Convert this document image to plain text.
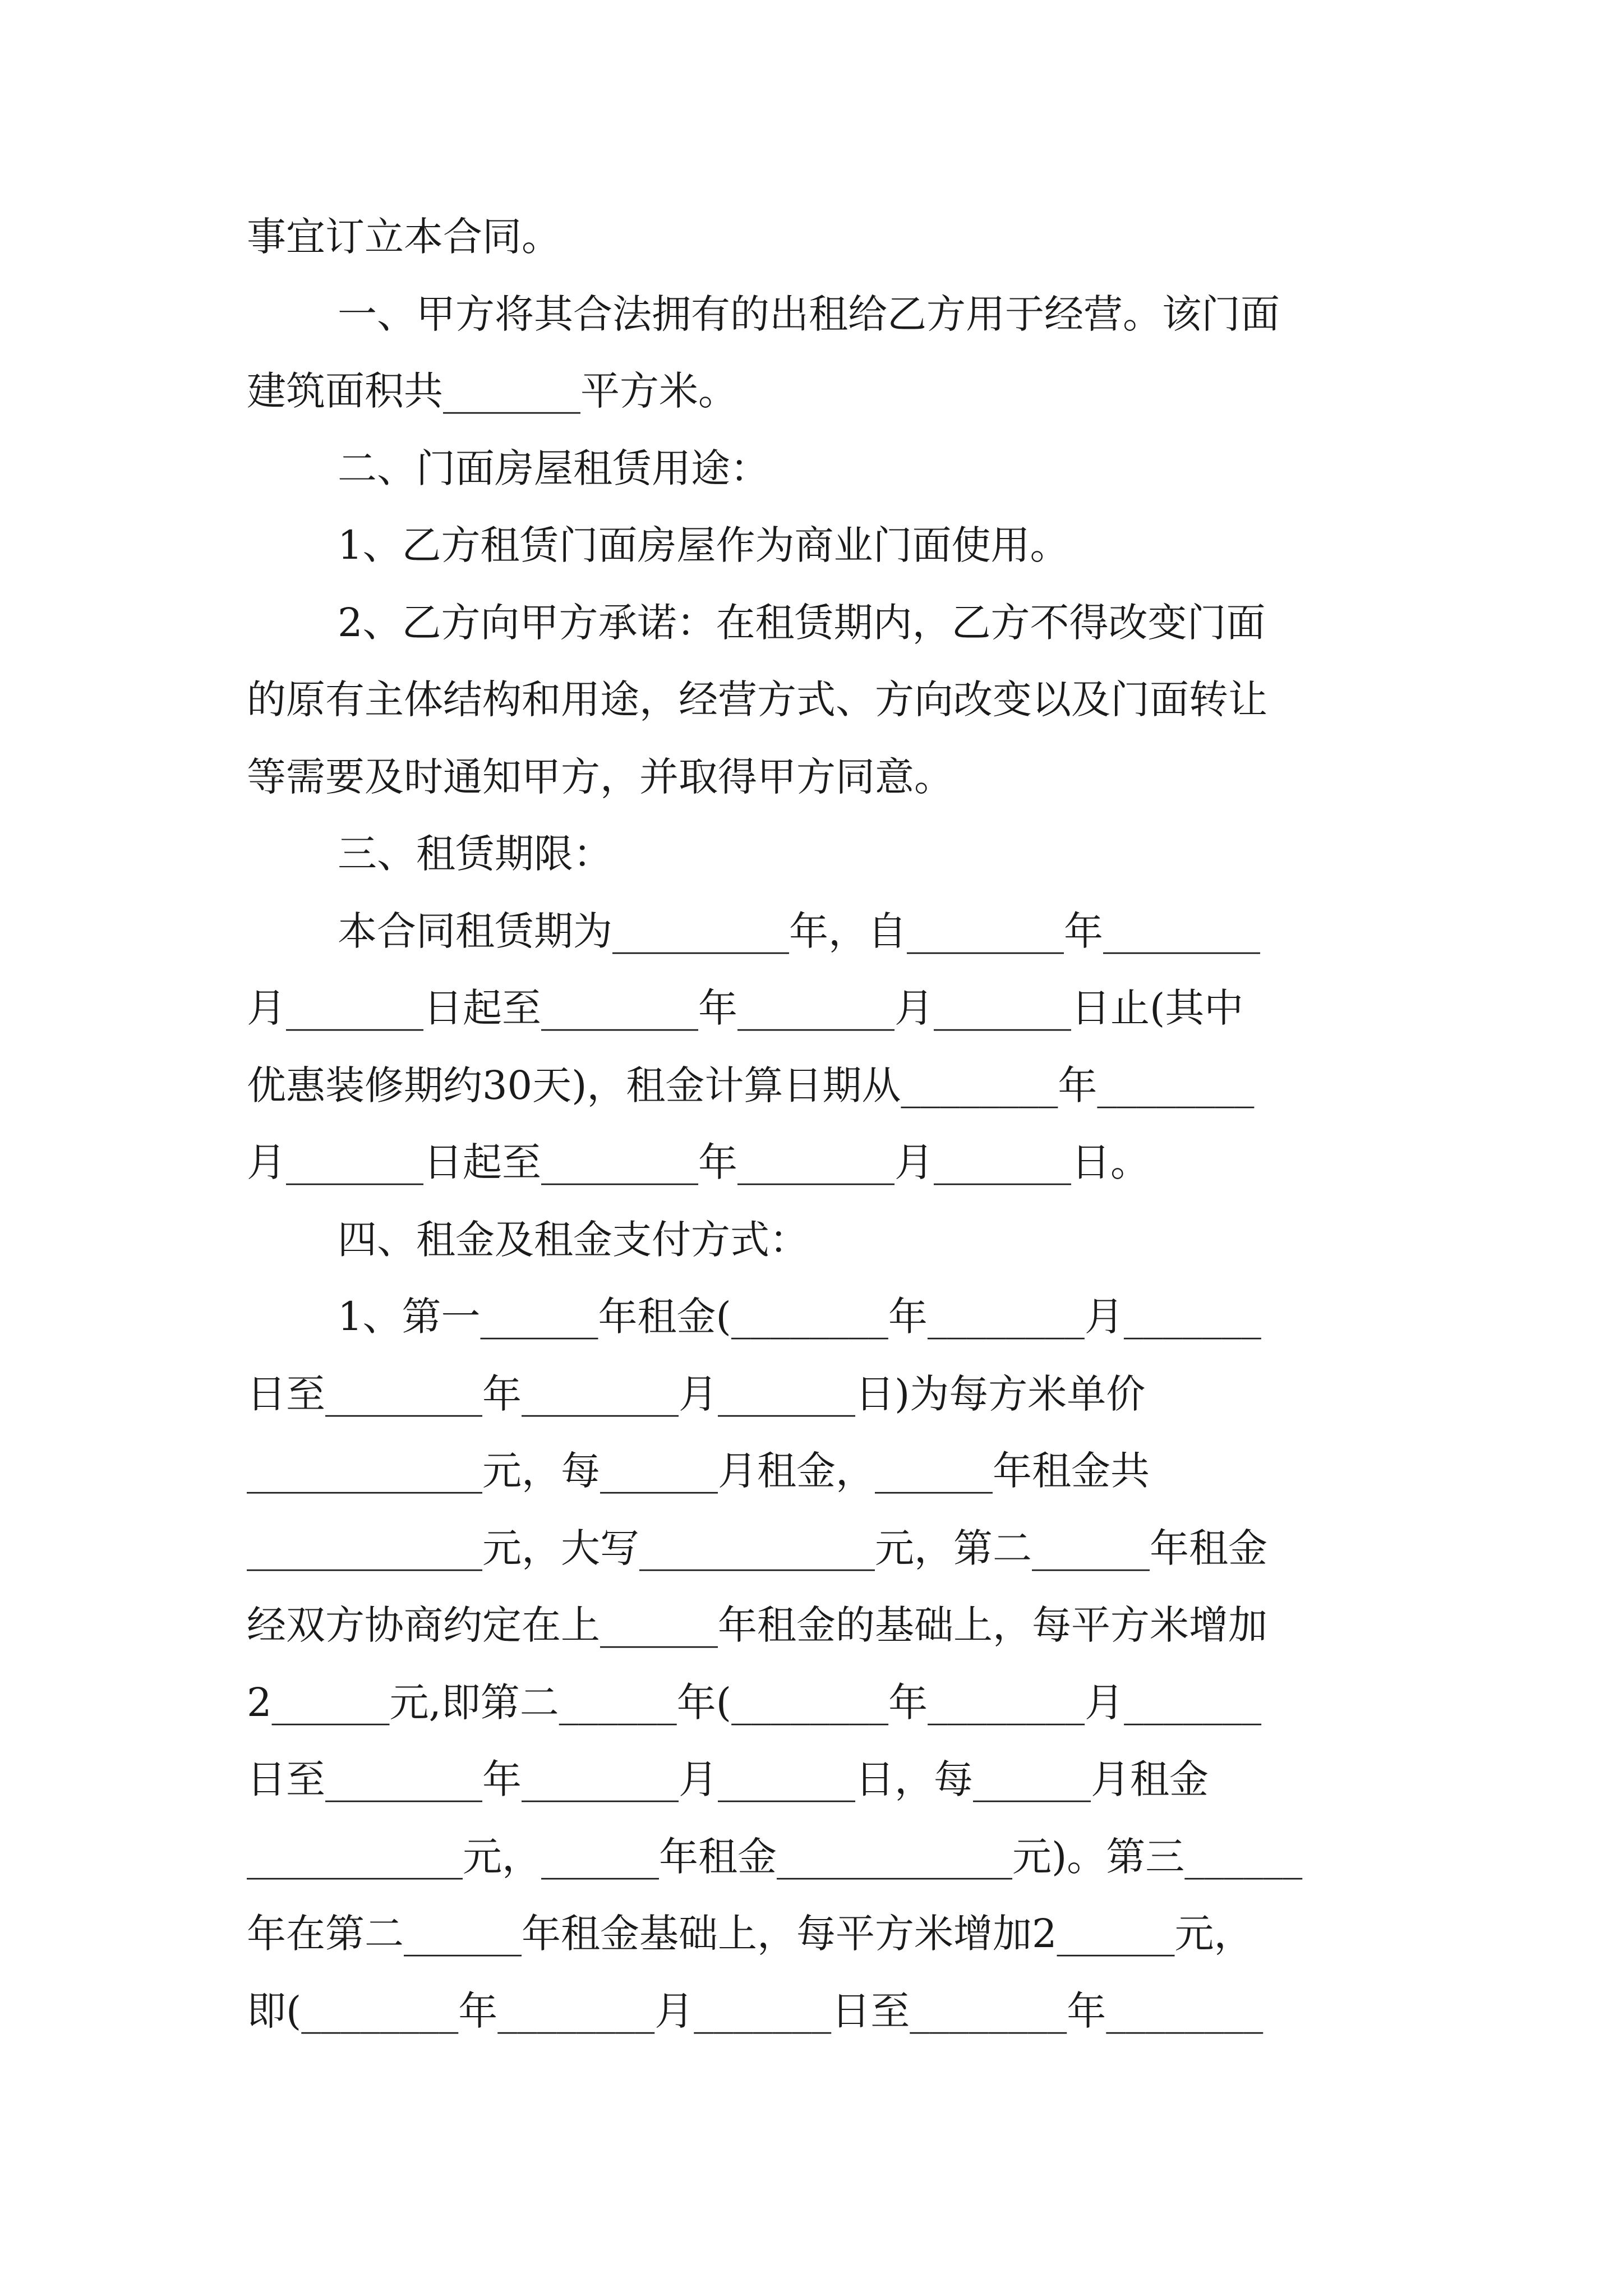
事宜订立本合同。
一、甲方将其合法拥有的出租给乙方用于经营。该门面
建筑面积共_______平方米。
二、门面房屋租赁用途：
1、乙方租赁门面房屋作为商业门面使用。
2、乙方向甲方承诺：在租赁期内，乙方不得改变门面
的原有主体结构和用途，经营方式、方向改变以及门面转让
等需要及时通知甲方，并取得甲方同意。
三、租赁期限：
本合同租赁期为_________年，自________年________
月_______日起至________年________月_______日止(其中
优惠装修期约30天)，租金计算日期从________年________
月_______日起至________年________月_______日。
四、租金及租金支付方式：
1、第一______年租金(________年________月_______
日至________年________月_______日)为每方米单价
____________元，每______月租金，______年租金共
____________元，大写____________元，第二______年租金
经双方协商约定在上______年租金的基础上，每平方米增加
2______元,即第二______年(________年________月_______
日至________年________月_______日，每______月租金
___________元，______年租金____________元)。第三______
年在第二______年租金基础上，每平方米增加2______元，
即(________年________月_______日至________年________
